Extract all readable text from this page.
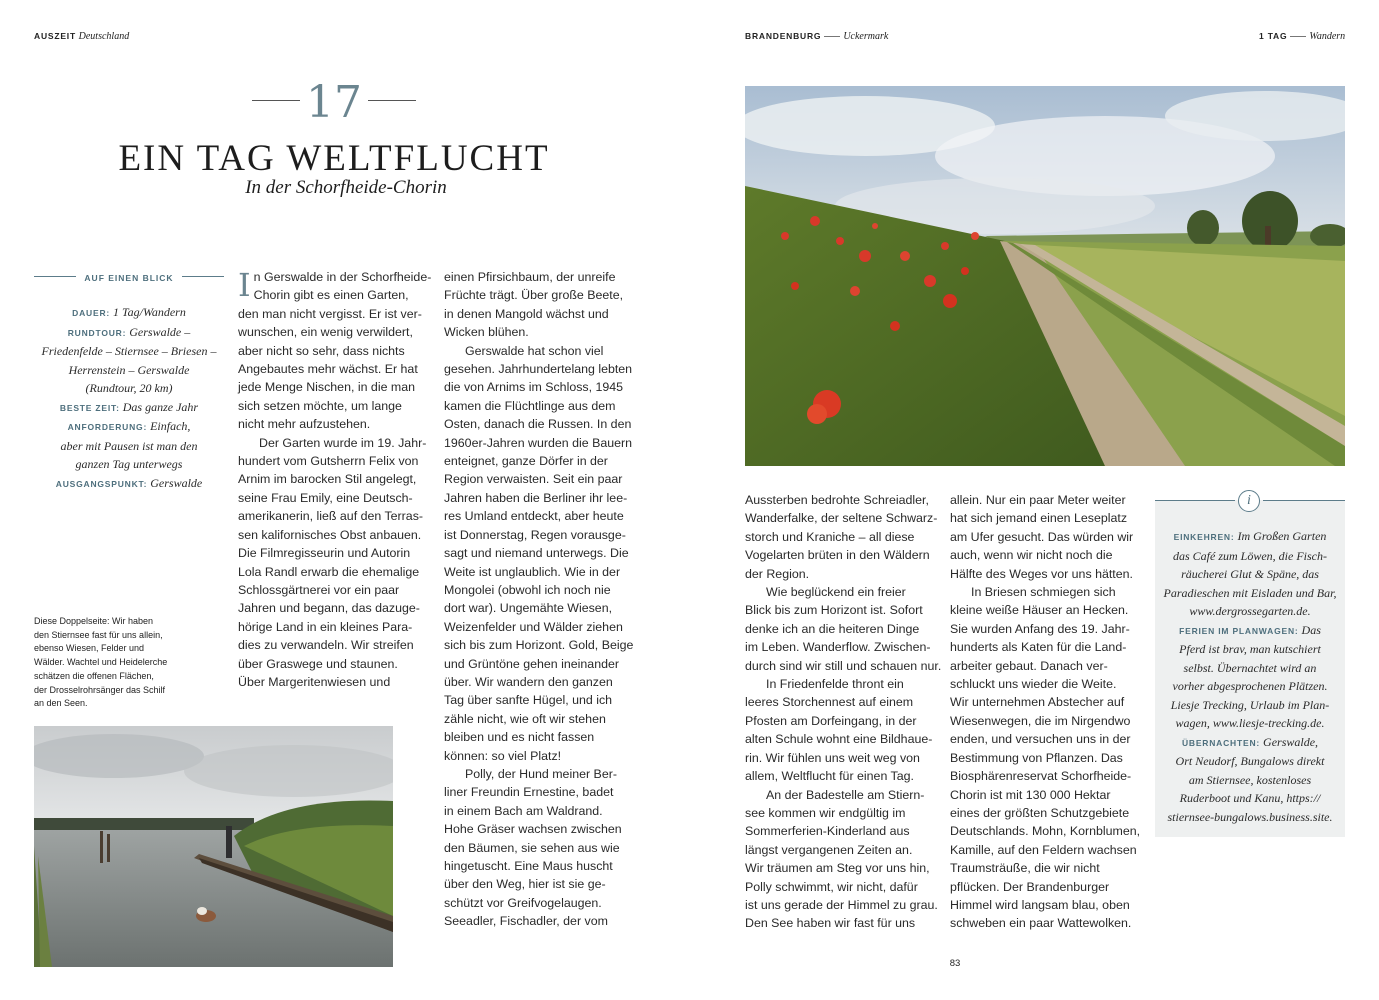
AUSZEIT Deutschland
17
EIN TAG WELTFLUCHT
In der Schorfheide-Chorin
AUF EINEN BLICK
DAUER: 1 Tag/Wandern
RUNDTOUR: Gerswalde –
Friedenfelde – Stiernsee – Briesen –
Herrenstein – Gerswalde
(Rundtour, 20 km)
BESTE ZEIT: Das ganze Jahr
ANFORDERUNG: Einfach,
aber mit Pausen ist man den
ganzen Tag unterwegs
AUSGANGSPUNKT: Gerswalde
Diese Doppelseite: Wir haben
den Stiernsee fast für uns allein,
ebenso Wiesen, Felder und
Wälder. Wachtel und Heidelerche
schätzen die offenen Flächen,
der Drosselrohrsänger das Schilf
an den Seen.
I n Gerswalde in der Schorfheide-

Chorin gibt es einen Garten,

den man nicht vergisst. Er ist ver-

wunschen, ein wenig verwildert,

aber nicht so sehr, dass nichts

Angebautes mehr wächst. Er hat

jede Menge Nischen, in die man

sich setzen möchte, um lange

nicht mehr aufzustehen.

Der Garten wurde im 19. Jahr-

hundert vom Gutsherrn Felix von

Arnim im barocken Stil angelegt,

seine Frau Emily, eine Deutsch-

amerikanerin, ließ auf den Terras-

sen kalifornisches Obst anbauen.

Die Filmregisseurin und Autorin

Lola Randl erwarb die ehemalige

Schlossgärtnerei vor ein paar

Jahren und begann, das dazuge-

hörige Land in ein kleines Para-

dies zu verwandeln. Wir streifen

über Graswege und staunen.

Über Margeritenwiesen und

einen Pfirsichbaum, der unreife

Früchte trägt. Über große Beete,

in denen Mangold wächst und

Wicken blühen.

Gerswalde hat schon viel

gesehen. Jahrhundertelang lebten

die von Arnims im Schloss, 1945

kamen die Flüchtlinge aus dem

Osten, danach die Russen. In den

1960er-Jahren wurden die Bauern

enteignet, ganze Dörfer in der

Region verwaisten. Seit ein paar

Jahren haben die Berliner ihr lee-

res Umland entdeckt, aber heute

ist Donnerstag, Regen vorausge-

sagt und niemand unterwegs. Die

Weite ist unglaublich. Wie in der

Mongolei (obwohl ich noch nie

dort war). Ungemähte Wiesen,

Weizenfelder und Wälder ziehen

sich bis zum Horizont. Gold, Beige

und Grüntöne gehen ineinander

über. Wir wandern den ganzen

Tag über sanfte Hügel, und ich

zähle nicht, wie oft wir stehen

bleiben und es nicht fassen

können: so viel Platz!

Polly, der Hund meiner Ber-

liner Freundin Ernestine, badet

in einem Bach am Waldrand.

Hohe Gräser wachsen zwischen

den Bäumen, sie sehen aus wie

hingetuscht. Eine Maus huscht

über den Weg, hier ist sie ge-

schützt vor Greifvogelaugen.

Seeadler, Fischadler, der vom

BRANDENBURG Uckermark	1 TAG Wandern

Aussterben bedrohte Schreiadler,

Wanderfalke, der seltene Schwarz-

storch und Kraniche – all diese

Vogelarten brüten in den Wäldern

der Region.

Wie beglückend ein freier

Blick bis zum Horizont ist. Sofort

denke ich an die heiteren Dinge

im Leben. Wanderflow. Zwischen-

durch sind wir still und schauen nur.

In Friedenfelde thront ein

leeres Storchennest auf einem

Pfosten am Dorfeingang, in der

alten Schule wohnt eine Bildhaue-

rin. Wir fühlen uns weit weg von

allem, Weltflucht für einen Tag.

An der Badestelle am Stiern-

see kommen wir endgültig im

Sommerferien-Kinderland aus

längst vergangenen Zeiten an.

Wir träumen am Steg vor uns hin,

Polly schwimmt, wir nicht, dafür

ist uns gerade der Himmel zu grau.

Den See haben wir fast für uns

allein. Nur ein paar Meter weiter

hat sich jemand einen Leseplatz

am Ufer gesucht. Das würden wir

auch, wenn wir nicht noch die

Hälfte des Weges vor uns hätten.

In Briesen schmiegen sich

kleine weiße Häuser an Hecken.

Sie wurden Anfang des 19. Jahr-

hunderts als Katen für die Land-

arbeiter gebaut. Danach ver-

schluckt uns wieder die Weite.

Wir unternehmen Abstecher auf

Wiesenwegen, die im Nirgendwo

enden, und versuchen uns in der

Bestimmung von Pflanzen. Das

Biosphärenreservat Schorfheide-

Chorin ist mit 130 000 Hektar

eines der größten Schutzgebiete

Deutschlands. Mohn, Kornblumen,

Kamille, auf den Feldern wachsen

Traumsträuße, die wir nicht

pflücken. Der Brandenburger

Himmel wird langsam blau, oben

schweben ein paar Wattewolken.

EINKEHREN: Im Großen Garten
das Café zum Löwen, die Fisch-
räucherei Glut & Späne, das
Paradieschen mit Eisladen und Bar,
www.dergrossegarten.de.
FERIEN IM PLANWAGEN: Das
Pferd ist brav, man kutschiert
selbst. Übernachtet wird an
vorher abgesprochenen Plätzen.
Liesje Trecking, Urlaub im Plan-
wagen, www.liesje-trecking.de.
ÜBERNACHTEN: Gerswalde,
Ort Neudorf, Bungalows direkt
am Stiernsee, kostenloses
Ruderboot und Kanu, https://
stiernsee-bungalows.business.site.
i
83
